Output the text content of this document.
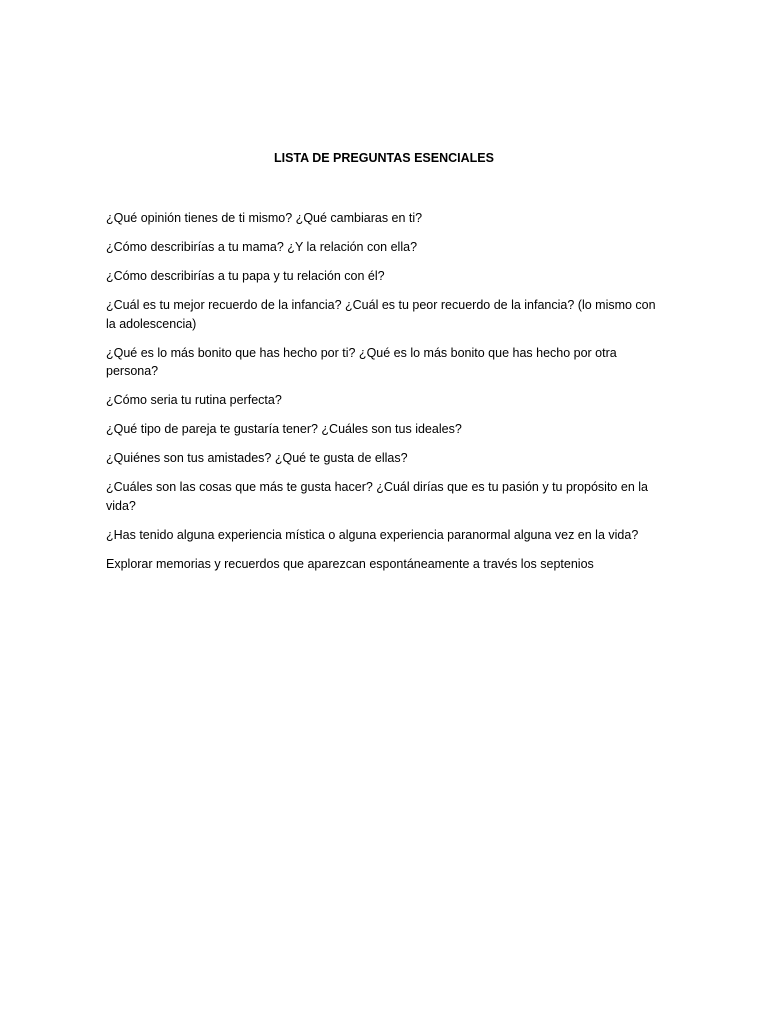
LISTA DE PREGUNTAS ESENCIALES
¿Qué opinión tienes de ti mismo? ¿Qué cambiaras en ti?
¿Cómo describirías a tu mama? ¿Y la relación con ella?
¿Cómo describirías a tu papa y tu relación con él?
¿Cuál es tu mejor recuerdo de la infancia? ¿Cuál es tu peor recuerdo de la infancia? (lo mismo con la adolescencia)
¿Qué es lo más bonito que has hecho por ti? ¿Qué es lo más bonito que has hecho por otra persona?
¿Cómo seria tu rutina perfecta?
¿Qué tipo de pareja te gustaría tener? ¿Cuáles son tus ideales?
¿Quiénes son tus amistades? ¿Qué te gusta de ellas?
¿Cuáles son las cosas que más te gusta hacer? ¿Cuál dirías que es tu pasión y tu propósito en la vida?
¿Has tenido alguna experiencia mística o alguna experiencia paranormal alguna vez en la vida?
Explorar memorias y recuerdos que aparezcan espontáneamente a través los septenios
